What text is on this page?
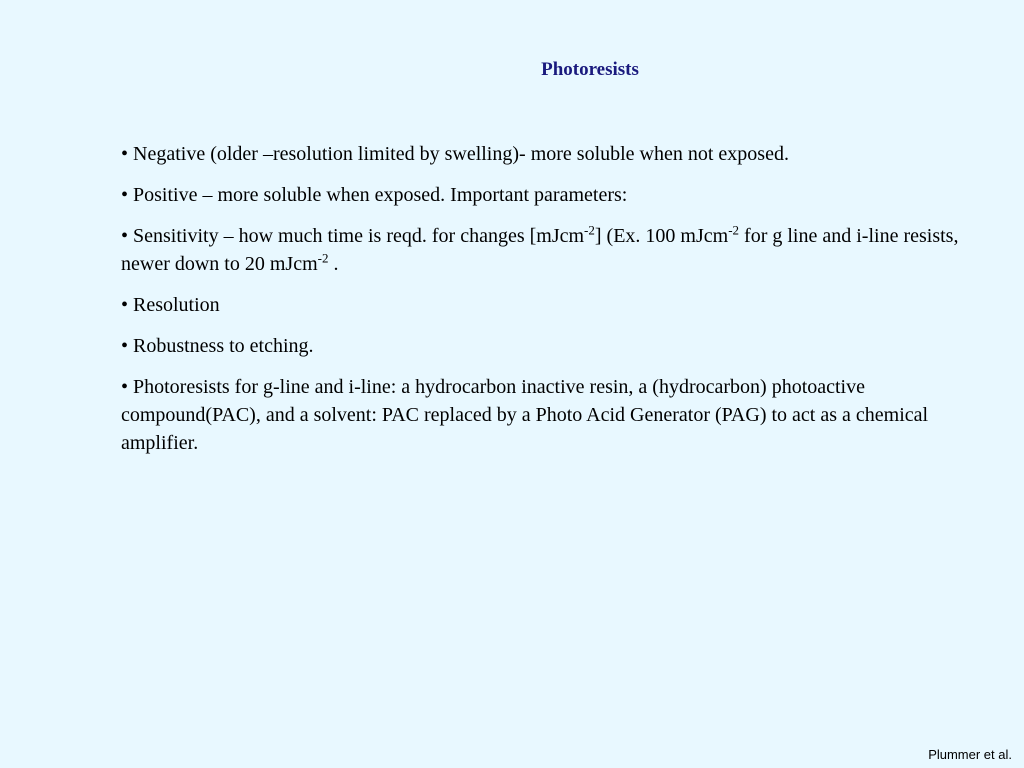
Photoresists
• Negative (older –resolution limited by swelling)- more soluble when not exposed.
• Positive – more soluble when exposed. Important parameters:
• Sensitivity – how much time is reqd. for changes [mJcm$^{-2}$] (Ex. 100 mJcm$^{-2}$ for g line and i-line resists, newer down to 20 mJcm$^{-2}$ .
• Resolution
• Robustness to etching.
• Photoresists for g-line and i-line: a hydrocarbon inactive resin, a (hydrocarbon) photoactive compound(PAC), and a solvent: PAC replaced by a Photo Acid Generator (PAG) to act as a chemical amplifier.
Plummer et al.
